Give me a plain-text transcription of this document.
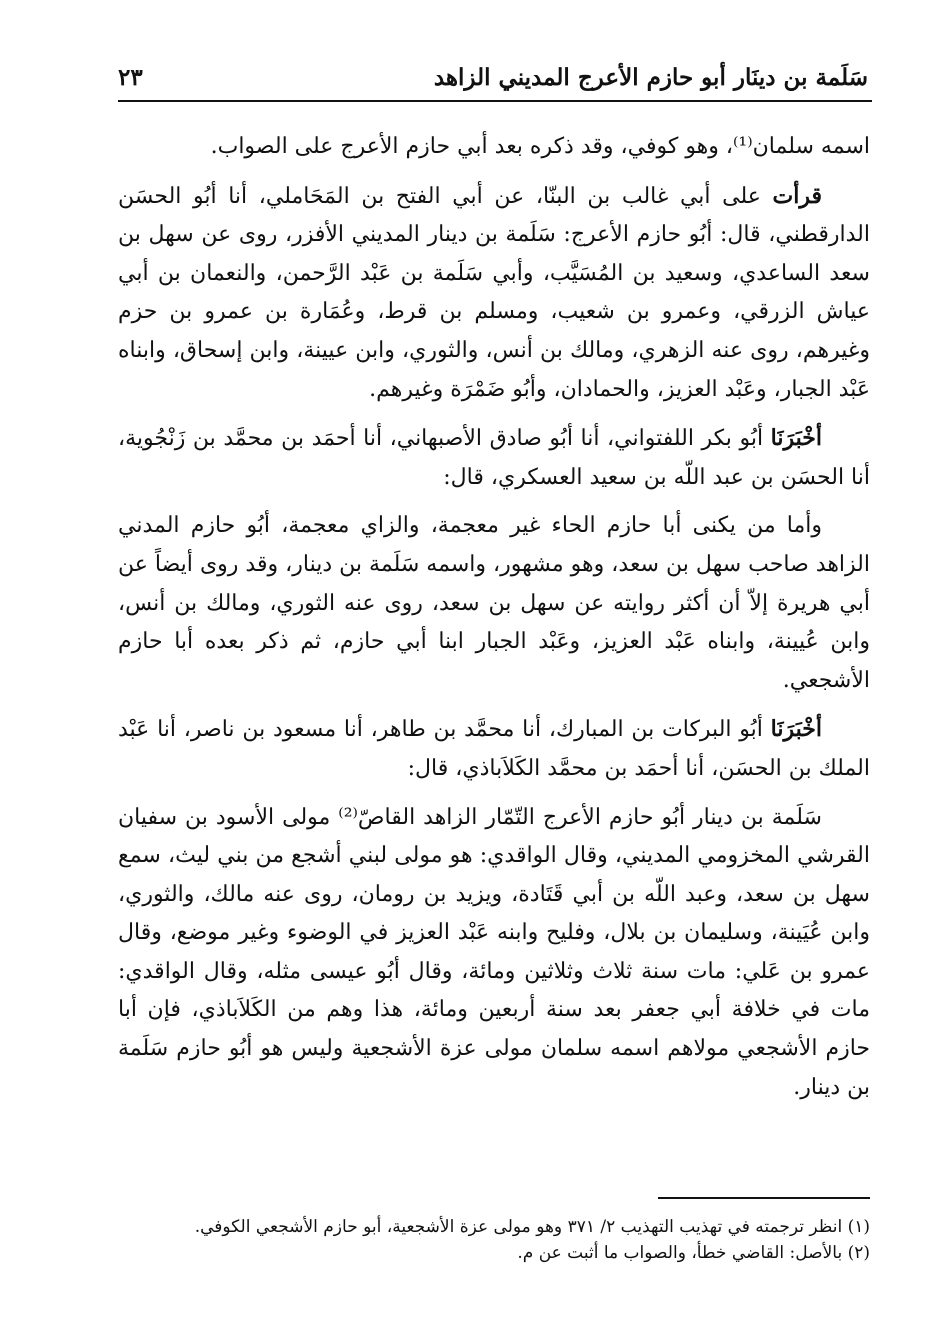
سَلَمة بن دينَار أبو حازم الأعرج المديني الزاهد
٢٣

اسمه سلمان⁽¹⁾، وهو كوفي، وقد ذكره بعد أبي حازم الأعرج على الصواب.

قرأت على أبي غالب بن البنّا، عن أبي الفتح بن المَحَاملي، أنا أبُو الحسَن الدارقطني، قال: أبُو حازم الأعرج: سَلَمة بن دينار المديني الأفزر، روى عن سهل بن سعد الساعدي، وسعيد بن المُسَيَّب، وأبي سَلَمة بن عَبْد الرَّحمن، والنعمان بن أبي عياش الزرقي، وعمرو بن شعيب، ومسلم بن قرط، وعُمَارة بن عمرو بن حزم وغيرهم، روى عنه الزهري، ومالك بن أنس، والثوري، وابن عيينة، وابن إسحاق، وابناه عَبْد الجبار، وعَبْد العزيز، والحمادان، وأبُو ضَمْرَة وغيرهم.

أخْبَرَنَا أبُو بكر اللفتواني، أنا أبُو صادق الأصبهاني، أنا أحمَد بن محمَّد بن زَنْجُوية، أنا الحسَن بن عبد اللّه بن سعيد العسكري، قال:

وأما من يكنى أبا حازم الحاء غير معجمة، والزاي معجمة، أبُو حازم المدني الزاهد صاحب سهل بن سعد، وهو مشهور، واسمه سَلَمة بن دينار، وقد روى أيضاً عن أبي هريرة إلاّ أن أكثر روايته عن سهل بن سعد، روى عنه الثوري، ومالك بن أنس، وابن عُيينة، وابناه عَبْد العزيز، وعَبْد الجبار ابنا أبي حازم، ثم ذكر بعده أبا حازم الأشجعي.

أخْبَرَنَا أبُو البركات بن المبارك، أنا محمَّد بن طاهر، أنا مسعود بن ناصر، أنا عَبْد الملك بن الحسَن، أنا أحمَد بن محمَّد الكَلاَباذي، قال:

سَلَمة بن دينار أبُو حازم الأعرج التّمّار الزاهد القاصّ⁽²⁾ مولى الأسود بن سفيان القرشي المخزومي المديني، وقال الواقدي: هو مولى لبني أشجع من بني ليث، سمع سهل بن سعد، وعبد اللّه بن أبي قَتَادة، ويزيد بن رومان، روى عنه مالك، والثوري، وابن عُيَينة، وسليمان بن بلال، وفليح وابنه عَبْد العزيز في الوضوء وغير موضع، وقال عمرو بن عَلي: مات سنة ثلاث وثلاثين ومائة، وقال أبُو عيسى مثله، وقال الواقدي: مات في خلافة أبي جعفر بعد سنة أربعين ومائة، هذا وهم من الكَلاَباذي، فإن أبا حازم الأشجعي مولاهم اسمه سلمان مولى عزة الأشجعية وليس هو أبُو حازم سَلَمة بن دينار.

(١) انظر ترجمته في تهذيب التهذيب ٢/ ٣٧١ وهو مولى عزة الأشجعية، أبو حازم الأشجعي الكوفي.
(٢) بالأصل: القاضي خطأ، والصواب ما أثبت عن م.
